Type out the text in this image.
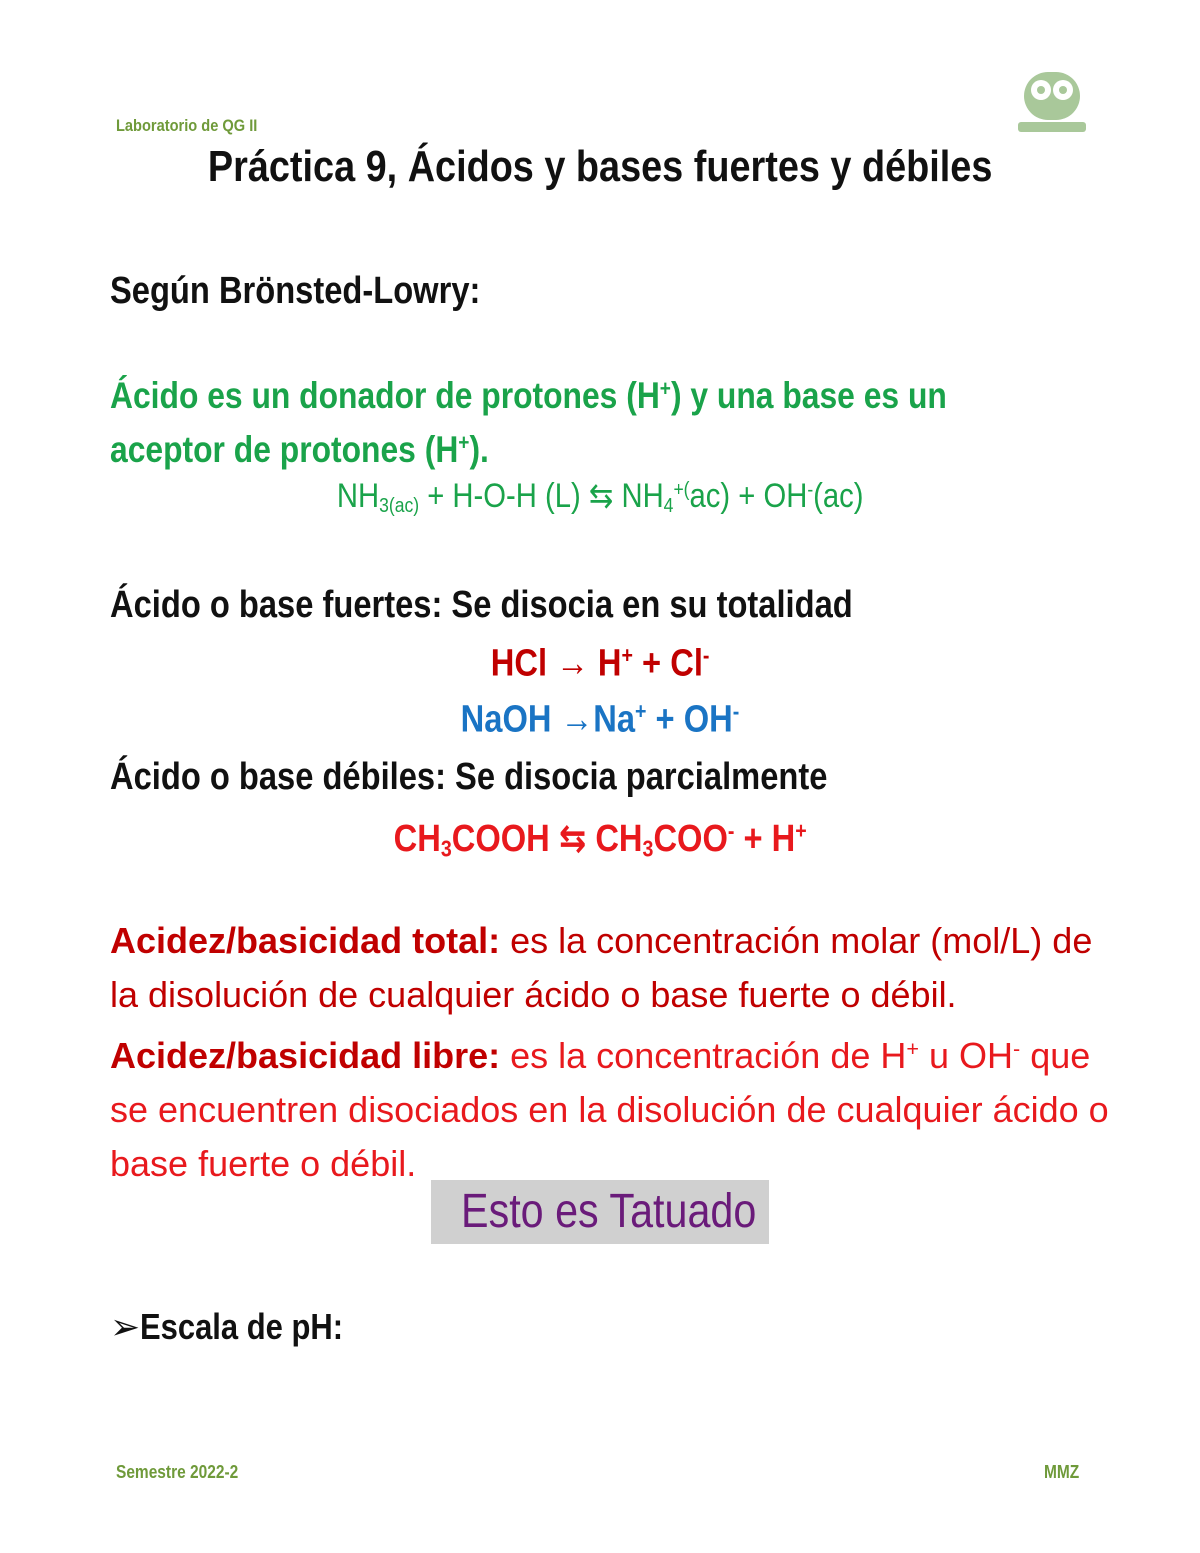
Laboratorio de QG II
Práctica 9, Ácidos y bases fuertes y débiles
Según Brönsted-Lowry:
Ácido es un donador de protones (H+) y una base es un
aceptor de protones (H+).
$NH_{3(ac)} + H-O-H$ (L) ⇆ $NH_4^{+(}ac) + OH^-(ac)$
Ácido o base fuertes: Se disocia en su totalidad
HCl → H+ + Cl-
NaOH →Na+ + OH-
Ácido o base débiles: Se disocia parcialmente
$CH_3COOH$ ⇆ $CH_3COO^- + H^+$
Acidez/basicidad total: es la concentración molar (mol/L) de la disolución de cualquier ácido o base fuerte o débil.
Acidez/basicidad libre: es la concentración de H+ u OH- que se encuentren disociados en la disolución de cualquier ácido o base fuerte o débil.
Esto es Tatuado
➢Escala de pH:
Semestre 2022-2	MMZ
